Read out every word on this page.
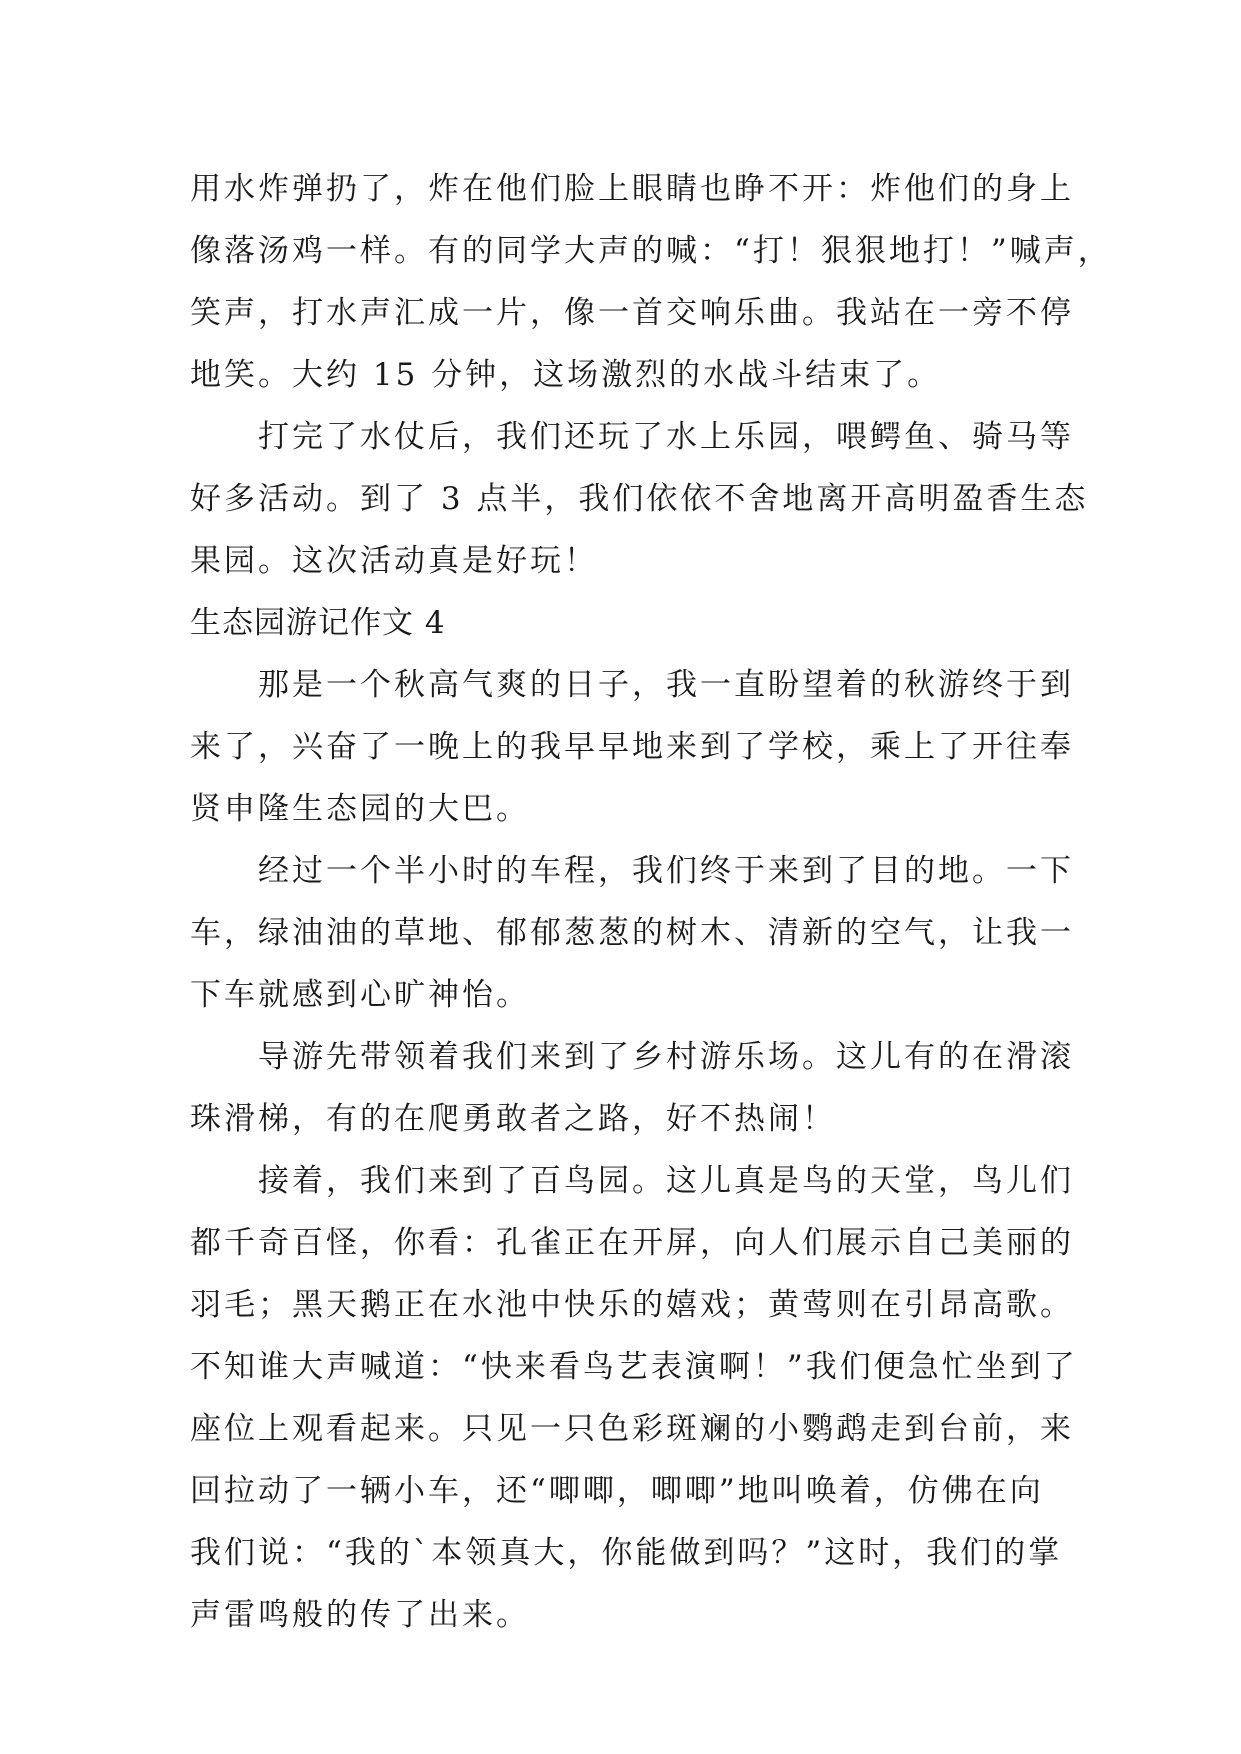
用水炸弹扔了，炸在他们脸上眼睛也睁不开：炸他们的身上
像落汤鸡一样。有的同学大声的喊：“打！狠狠地打！”喊声，
笑声，打水声汇成一片，像一首交响乐曲。我站在一旁不停
地笑。大约 15 分钟，这场激烈的水战斗结束了。
打完了水仗后，我们还玩了水上乐园，喂鳄鱼、骑马等
好多活动。到了 3 点半，我们依依不舍地离开高明盈香生态
果园。这次活动真是好玩！
生态园游记作文 4
那是一个秋高气爽的日子，我一直盼望着的秋游终于到
来了，兴奋了一晚上的我早早地来到了学校，乘上了开往奉
贤申隆生态园的大巴。
经过一个半小时的车程，我们终于来到了目的地。一下
车，绿油油的草地、郁郁葱葱的树木、清新的空气，让我一
下车就感到心旷神怡。
导游先带领着我们来到了乡村游乐场。这儿有的在滑滚
珠滑梯，有的在爬勇敢者之路，好不热闹！
接着，我们来到了百鸟园。这儿真是鸟的天堂，鸟儿们
都千奇百怪，你看：孔雀正在开屏，向人们展示自己美丽的
羽毛；黑天鹅正在水池中快乐的嬉戏；黄莺则在引昂高歌。
不知谁大声喊道：“快来看鸟艺表演啊！”我们便急忙坐到了
座位上观看起来。只见一只色彩斑斓的小鹦鹉走到台前，来
回拉动了一辆小车，还“唧唧，唧唧”地叫唤着，仿佛在向
我们说：“我的`本领真大，你能做到吗？”这时，我们的掌
声雷鸣般的传了出来。
